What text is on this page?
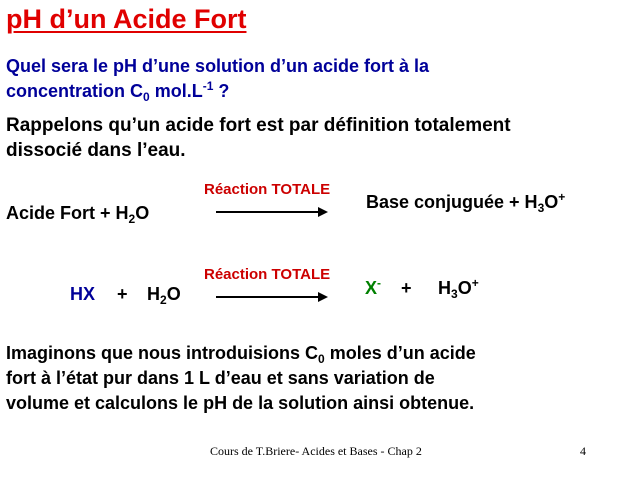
pH d’un Acide Fort
Quel sera le pH d’une solution d’un acide fort à la
concentration $C_0$ $mol.L^{-1}$ ?
Rappelons qu’un acide fort est par définition totalement
dissocié dans l’eau.
Acide Fort + $H_2O$
Réaction TOTALE
Base conjuguée + $H_3O^+$
HX + $H_2O$
Réaction TOTALE
$X^- + H_3O^+$
Imaginons que nous introduisions $C_0$ moles d’un acide
fort à l’état pur dans 1 L d’eau et sans variation de
volume et calculons le pH de la solution ainsi obtenue.
Cours de T.Briere- Acides et Bases - Chap 2	4
